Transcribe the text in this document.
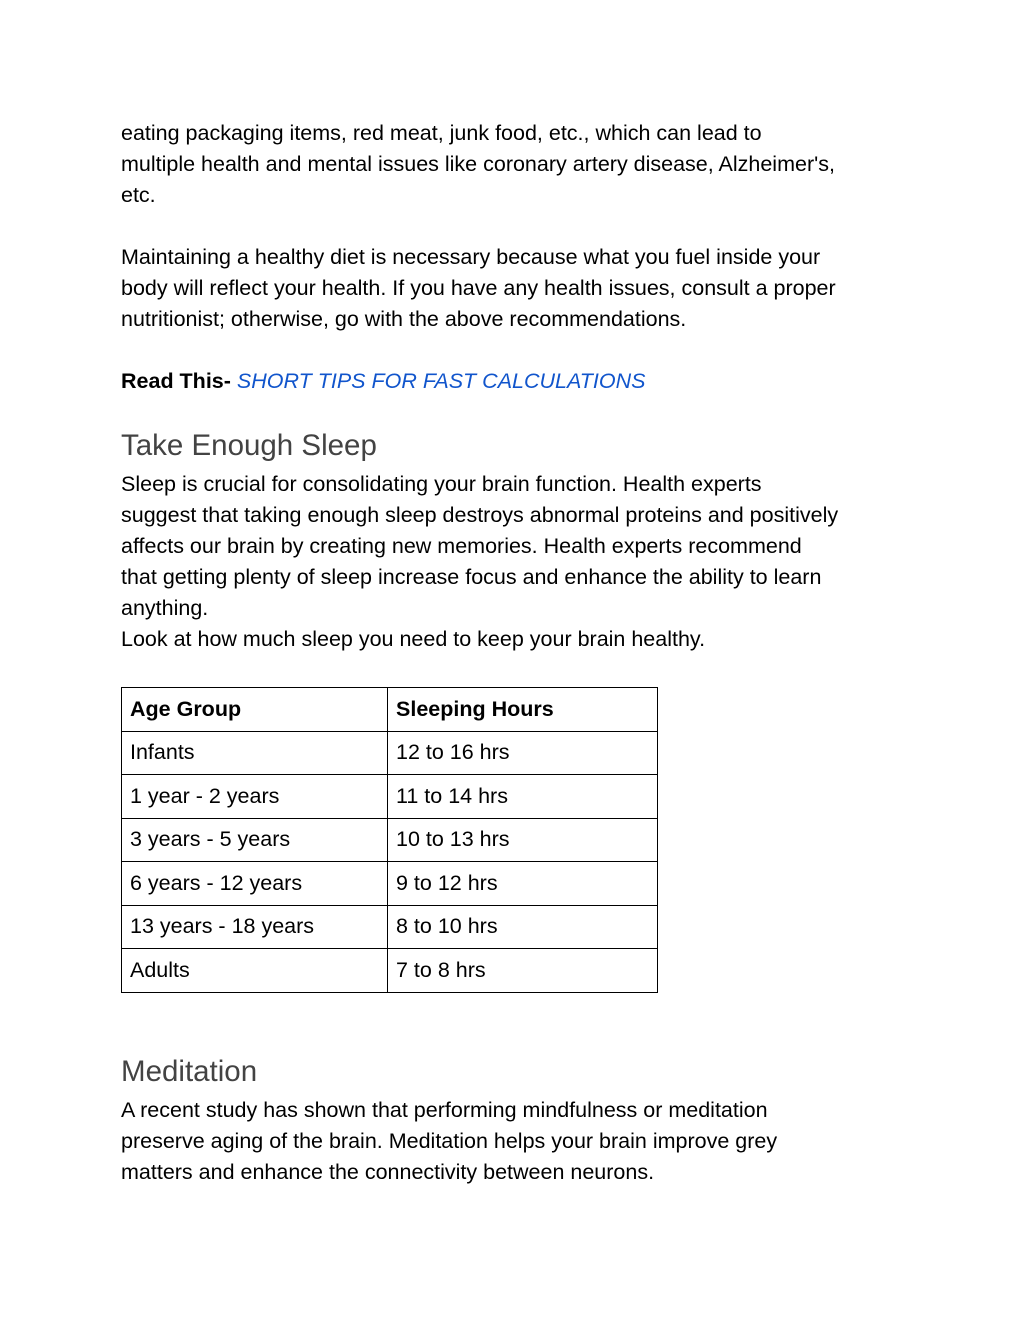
eating packaging items, red meat, junk food, etc., which can lead to

multiple health and mental issues like coronary artery disease, Alzheimer's,

etc.

Maintaining a healthy diet is necessary because what you fuel inside your

body will reflect your health. If you have any health issues, consult a proper

nutritionist; otherwise, go with the above recommendations.

Read This- SHORT TIPS FOR FAST CALCULATIONS
Take Enough Sleep

Sleep is crucial for consolidating your brain function. Health experts

suggest that taking enough sleep destroys abnormal proteins and positively

affects our brain by creating new memories. Health experts recommend

that getting plenty of sleep increase focus and enhance the ability to learn

anything.

Look at how much sleep you need to keep your brain healthy.

Age Group	Sleeping Hours
Infants	12 to 16 hrs
1 year - 2 years	11 to 14 hrs
3 years - 5 years	10 to 13 hrs
6 years - 12 years	9 to 12 hrs
13 years - 18 years	8 to 10 hrs
Adults	7 to 8 hrs
Meditation

A recent study has shown that performing mindfulness or meditation

preserve aging of the brain. Meditation helps your brain improve grey

matters and enhance the connectivity between neurons.
